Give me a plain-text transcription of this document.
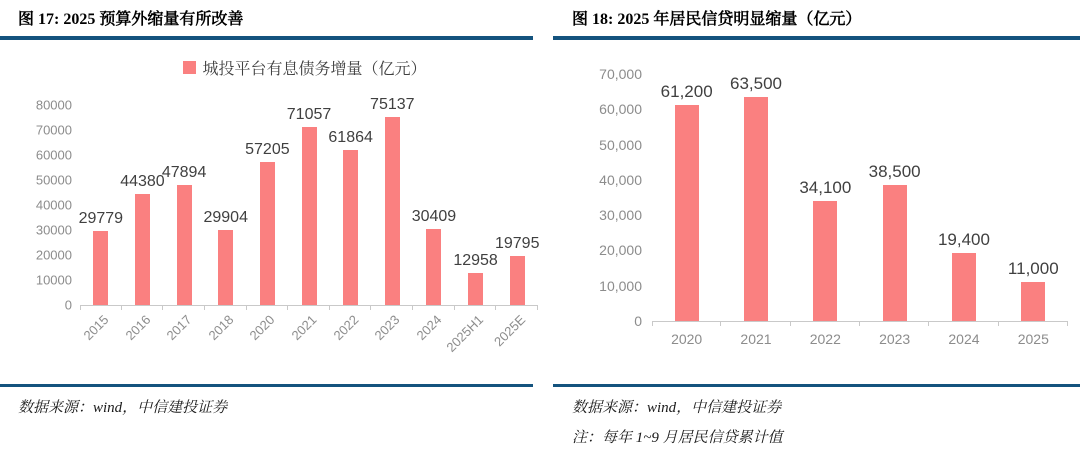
图 17: 2025 预算外缩量有所改善
城投平台有息债务增量（亿元）
80000
70000
60000
50000
40000
30000
20000
10000
0
29779
2015
44380
2016
47894
2017
29904
2018
57205
2020
71057
2021
61864
2022
75137
2023
30409
2024
12958
2025H1
19795
2025E
数据来源：wind，中信建投证券
图 18: 2025 年居民信贷明显缩量（亿元）
70,000
60,000
50,000
40,000
30,000
20,000
10,000
0
61,200
2020
63,500
2021
34,100
2022
38,500
2023
19,400
2024
11,000
2025
数据来源：wind，中信建投证券
注：每年 1~9 月居民信贷累计值
